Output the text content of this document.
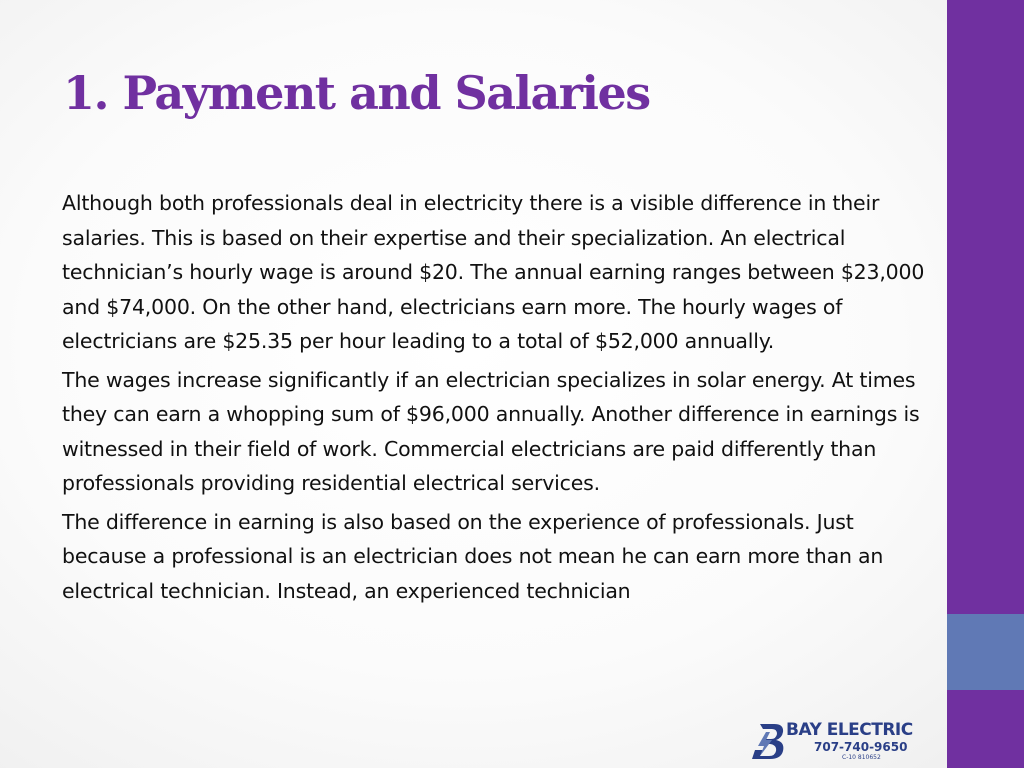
1. Payment and Salaries

Although both professionals deal in electricity there is a visible difference in their salaries. This is based on their expertise and their specialization. An electrical technician’s hourly wage is around $20. The annual earning ranges between $23,000 and $74,000. On the other hand, electricians earn more. The hourly wages of electricians are $25.35 per hour leading to a total of $52,000 annually.

The wages increase significantly if an electrician specializes in solar energy. At times they can earn a whopping sum of $96,000 annually. Another difference in earnings is witnessed in their field of work. Commercial electricians are paid differently than professionals providing residential electrical services.

The difference in earning is also based on the experience of professionals. Just because a professional is an electrician does not mean he can earn more than an electrical technician. Instead, an experienced technician

BAY ELECTRIC
707-740-9650
C-10 810652
